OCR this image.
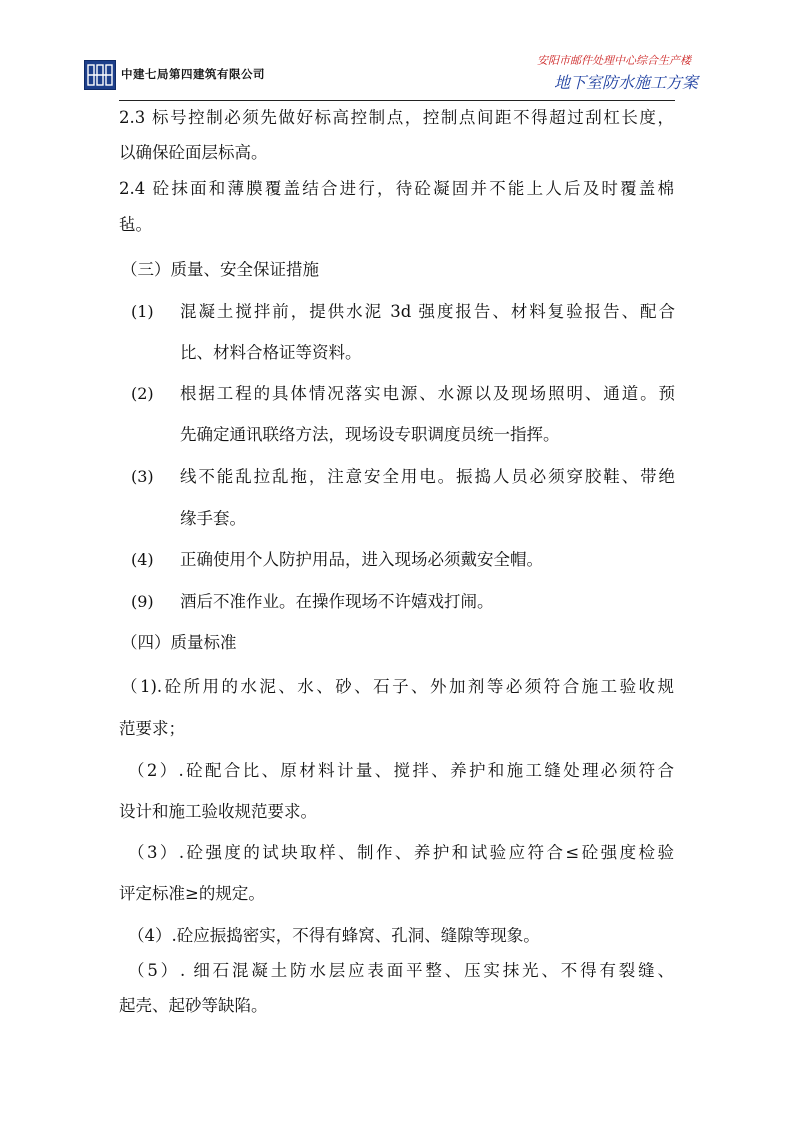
中建七局第四建筑有限公司
安阳市邮件处理中心综合生产楼
地下室防水施工方案
2.3 标号控制必须先做好标高控制点，控制点间距不得超过刮杠长度，
以确保砼面层标高。
2.4 砼抹面和薄膜覆盖结合进行，待砼凝固并不能上人后及时覆盖棉
毡。
（三）质量、安全保证措施
(1) 混凝土搅拌前，提供水泥 3d 强度报告、材料复验报告、配合
比、材料合格证等资料。
(2) 根据工程的具体情况落实电源、水源以及现场照明、通道。预
先确定通讯联络方法，现场设专职调度员统一指挥。
(3) 线不能乱拉乱拖，注意安全用电。振捣人员必须穿胶鞋、带绝
缘手套。
(4) 正确使用个人防护用品，进入现场必须戴安全帽。
(9) 酒后不准作业。在操作现场不许嬉戏打闹。
（四）质量标准
（1).砼所用的水泥、水、砂、石子、外加剂等必须符合施工验收规
范要求；
（2）.砼配合比、原材料计量、搅拌、养护和施工缝处理必须符合
设计和施工验收规范要求。
（3）.砼强度的试块取样、制作、养护和试验应符合≤砼强度检验
评定标准≥的规定。
（4）.砼应振捣密实，不得有蜂窝、孔洞、缝隙等现象。
（5）. 细石混凝土防水层应表面平整、压实抹光、不得有裂缝、
起壳、起砂等缺陷。
